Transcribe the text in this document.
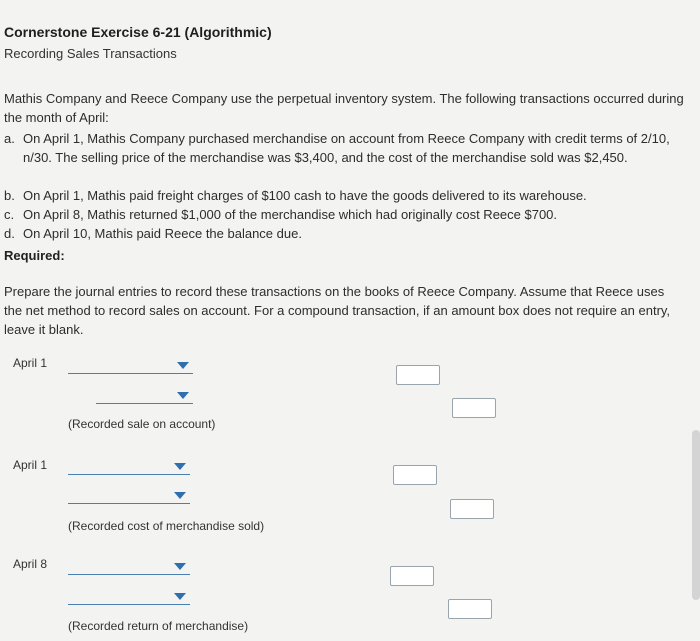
Cornerstone Exercise 6-21 (Algorithmic)
Recording Sales Transactions
Mathis Company and Reece Company use the perpetual inventory system. The following transactions occurred during the month of April:
a. On April 1, Mathis Company purchased merchandise on account from Reece Company with credit terms of 2/10, n/30. The selling price of the merchandise was $3,400, and the cost of the merchandise sold was $2,450.
b. On April 1, Mathis paid freight charges of $100 cash to have the goods delivered to its warehouse.
c. On April 8, Mathis returned $1,000 of the merchandise which had originally cost Reece $700.
d. On April 10, Mathis paid Reece the balance due.
Required:
Prepare the journal entries to record these transactions on the books of Reece Company. Assume that Reece uses the net method to record sales on account. For a compound transaction, if an amount box does not require an entry, leave it blank.
April 1
(Recorded sale on account)
April 1
(Recorded cost of merchandise sold)
April 8
(Recorded return of merchandise)
